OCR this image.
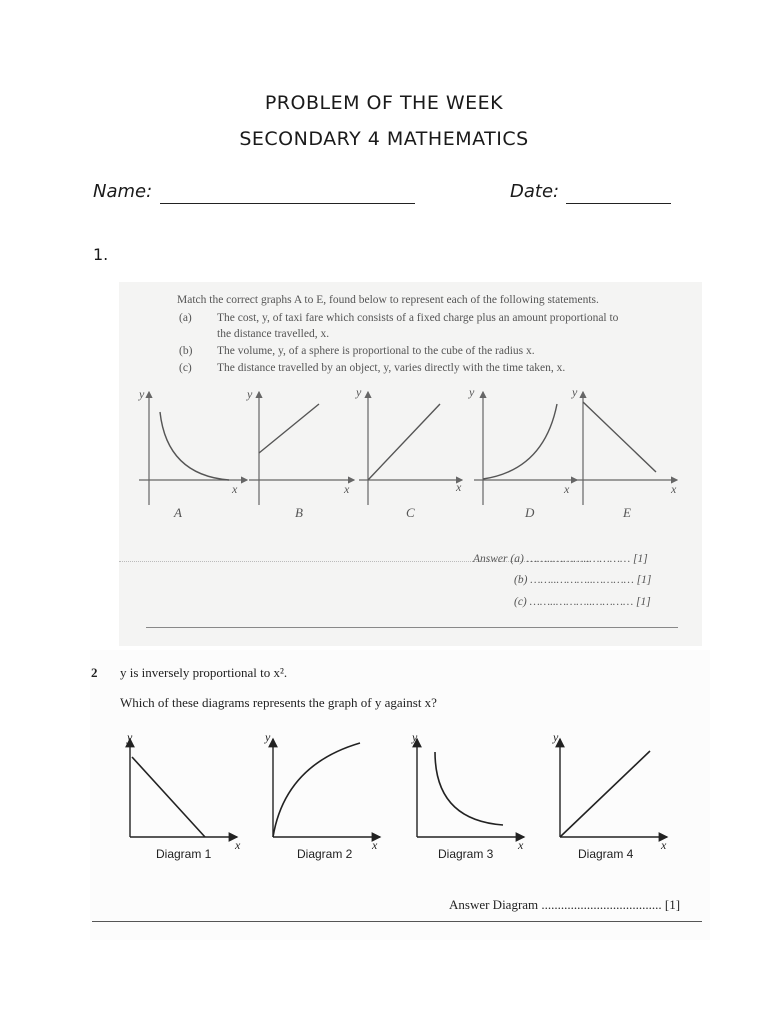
PROBLEM OF THE WEEK
SECONDARY 4 MATHEMATICS
Name:	Date:
1.
Match the correct graphs A to E, found below to represent each of the following statements.
(a) The cost, y, of taxi fare which consists of a fixed charge plus an amount proportional to
the distance travelled, x.
(b) The volume, y, of a sphere is proportional to the cube of the radius x.
(c) The distance travelled by an object, y, varies directly with the time taken, x.
y
x
A
y
x
B
y
x
C
y
x
D
y
x
E
Answer (a) ……..………..………… [1]
(b) ……..………..………… [1]
(c) ……..………..………… [1]
2 y is inversely proportional to x².
Which of these diagrams represents the graph of y against x?
y
x
Diagram 1
y
x
Diagram 2
y
x
Diagram 3
y
x
Diagram 4
Answer Diagram ..................................... [1]
